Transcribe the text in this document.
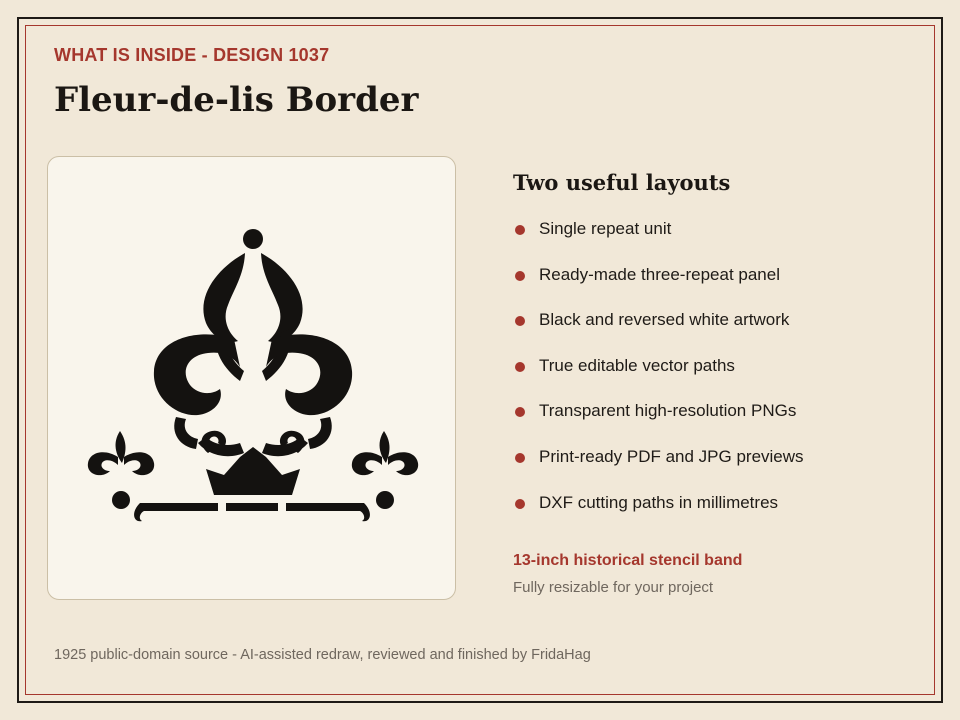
WHAT IS INSIDE - DESIGN 1037
Fleur-de-lis Border
Two useful layouts
Single repeat unit
Ready-made three-repeat panel
Black and reversed white artwork
True editable vector paths
Transparent high-resolution PNGs
Print-ready PDF and JPG previews
DXF cutting paths in millimetres
13-inch historical stencil band
Fully resizable for your project
1925 public-domain source - AI-assisted redraw, reviewed and finished by FridaHag
